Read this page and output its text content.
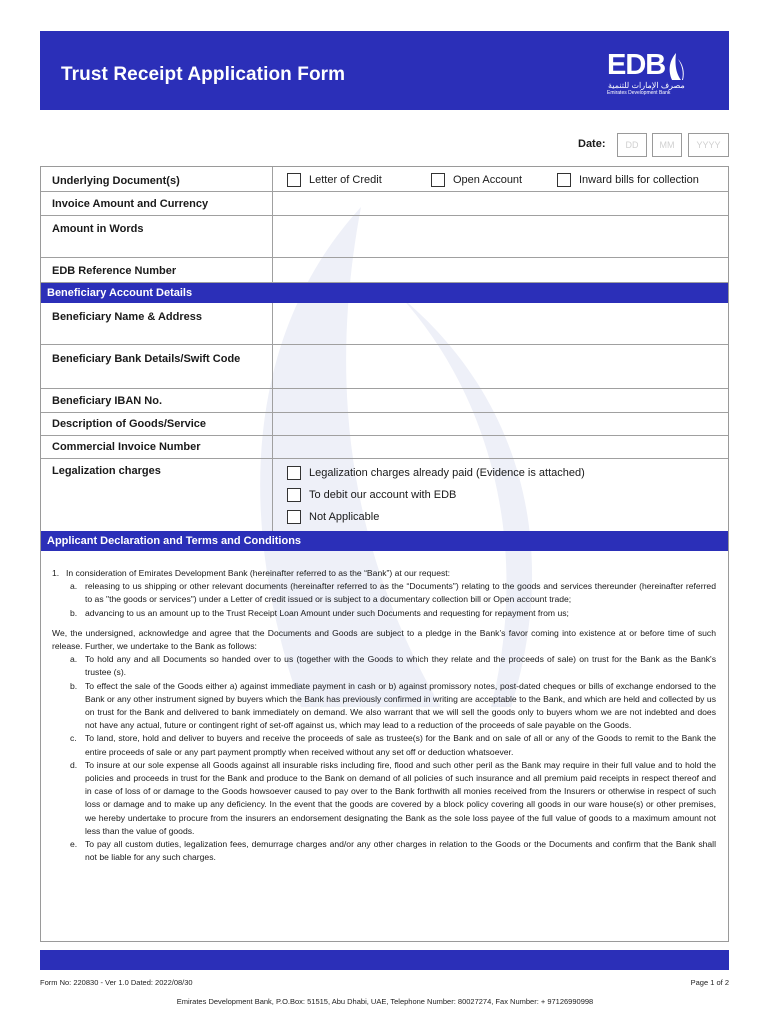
Trust Receipt Application Form	EDB
مصرف الإمارات للتنمية
Emirates Development Bank
Date:	DD	MM	YYYY
Underlying Document(s)	Letter of Credit	Open Account	Inward bills for collection
Invoice Amount and Currency
Amount in Words
EDB Reference Number
Beneficiary Account Details
Beneficiary Name & Address
Beneficiary Bank Details/Swift Code
Beneficiary IBAN No.
Description of Goods/Service
Commercial Invoice Number
Legalization charges	Legalization charges already paid (Evidence is attached)
To debit our account with EDB
Not Applicable
Applicant Declaration and Terms and Conditions

1. In consideration of Emirates Development Bank (hereinafter referred to as the “Bank”) at our request:

a. releasing to us shipping or other relevant documents (hereinafter referred to as the “Documents") relating to the goods and services thereunder (hereinafter referred to as "the goods or services") under a Letter of credit issued or is subject to a documentary collection bill or Open account trade;

b. advancing to us an amount up to the Trust Receipt Loan Amount under such Documents and requesting for repayment from us;

We, the undersigned, acknowledge and agree that the Documents and Goods are subject to a pledge in the Bank’s favor coming into existence at or before time of such release. Further, we undertake to the Bank as follows:

a. To hold any and all Documents so handed over to us (together with the Goods to which they relate and the proceeds of sale) on trust for the Bank as the Bank's trustee (s).

b. To effect the sale of the Goods either a) against immediate payment in cash or b) against promissory notes, post-dated cheques or bills of exchange endorsed to the Bank or any other instrument signed by buyers which the Bank has previously confirmed in writing are acceptable to the Bank, and which are held and collected by us on trust for the Bank and delivered to bank immediately on demand. We also warrant that we will sell the goods only to buyers whom we are not indebted and does not have any actual, future or contingent right of set-off against us, which may lead to a reduction of the proceeds of sale payable on the Goods.

c. To land, store, hold and deliver to buyers and receive the proceeds of sale as trustee(s) for the Bank and on sale of all or any of the Goods to remit to the Bank the entire proceeds of sale or any part payment promptly when received without any set off or deduction whatsoever.

d. To insure at our sole expense all Goods against all insurable risks including fire, flood and such other peril as the Bank may require in their full value and to hold the policies and proceeds in trust for the Bank and produce to the Bank on demand of all policies of such insurance and all premium paid receipts in respect thereof and in case of loss of or damage to the Goods howsoever caused to pay over to the Bank forthwith all monies received from the Insurers or otherwise in respect of such loss or damage and to make up any deficiency. In the event that the goods are covered by a block policy covering all goods in our ware house(s) or other premises, we hereby undertake to procure from the insurers an endorsement designating the Bank as the sole loss payee of the full value of goods to a maximum amount not less than the value of goods.

e. To pay all custom duties, legalization fees, demurrage charges and/or any other charges in relation to the Goods or the Documents and confirm that the Bank shall not be liable for any such charges.

Form No: 220830 - Ver 1.0 Dated: 2022/08/30	Page 1 of 2
Emirates Development Bank, P.O.Box: 51515, Abu Dhabi, UAE, Telephone Number: 80027274, Fax Number: + 97126990998
